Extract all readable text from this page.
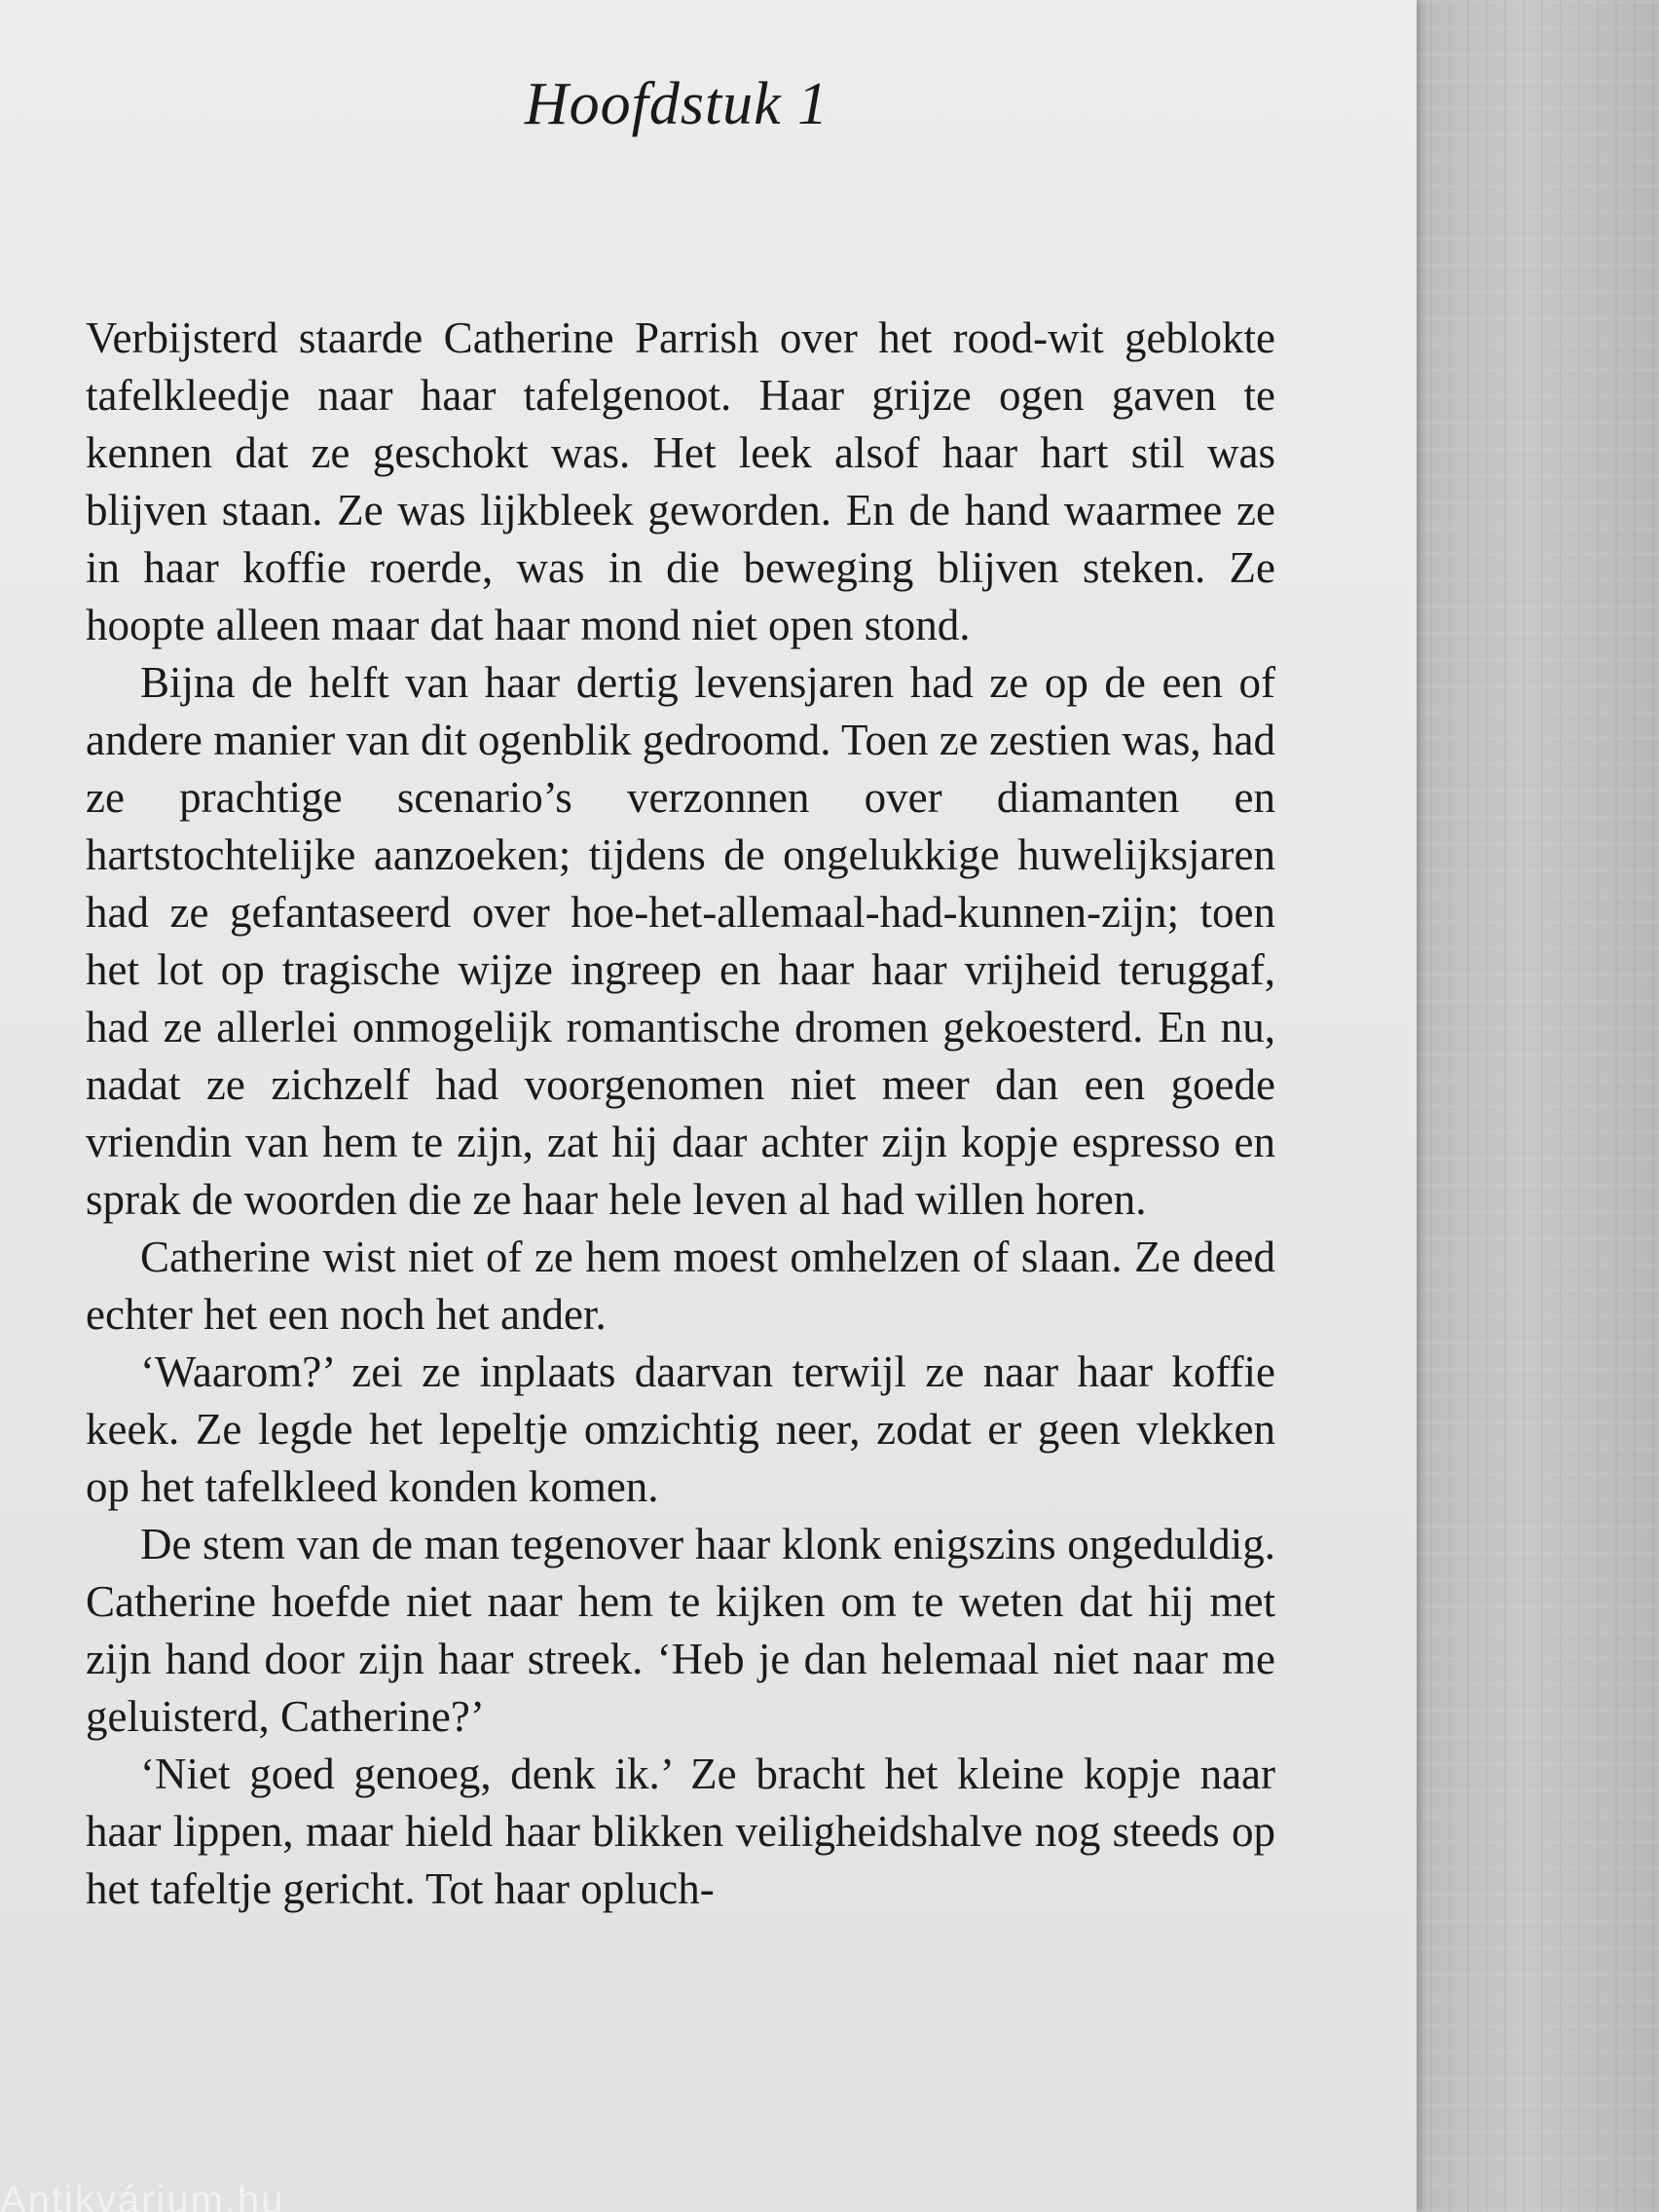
Hoofdstuk 1

Verbijsterd staarde Catherine Parrish over het rood-wit geblokte tafelkleedje naar haar tafelgenoot. Haar grijze ogen gaven te kennen dat ze geschokt was. Het leek alsof haar hart stil was blijven staan. Ze was lijkbleek geworden. En de hand waarmee ze in haar koffie roerde, was in die beweging blijven steken. Ze hoopte alleen maar dat haar mond niet open stond.

Bijna de helft van haar dertig levensjaren had ze op de een of andere manier van dit ogenblik gedroomd. Toen ze zestien was, had ze prachtige scenario’s verzonnen over diamanten en hartstochtelijke aanzoeken; tijdens de ongelukkige huwelijksjaren had ze gefantaseerd over hoe-het-allemaal-had-kunnen-zijn; toen het lot op tragische wijze ingreep en haar haar vrijheid teruggaf, had ze allerlei onmogelijk romantische dromen gekoesterd. En nu, nadat ze zichzelf had voorgenomen niet meer dan een goede vriendin van hem te zijn, zat hij daar achter zijn kopje espresso en sprak de woorden die ze haar hele leven al had willen horen.

Catherine wist niet of ze hem moest omhelzen of slaan. Ze deed echter het een noch het ander.

‘Waarom?’ zei ze inplaats daarvan terwijl ze naar haar koffie keek. Ze legde het lepeltje omzichtig neer, zodat er geen vlekken op het tafelkleed konden komen.

De stem van de man tegenover haar klonk enigszins ongeduldig. Catherine hoefde niet naar hem te kijken om te weten dat hij met zijn hand door zijn haar streek. ‘Heb je dan helemaal niet naar me geluisterd, Catherine?’

‘Niet goed genoeg, denk ik.’ Ze bracht het kleine kopje naar haar lippen, maar hield haar blikken veiligheidshalve nog steeds op het tafeltje gericht. Tot haar opluch-

Antikvárium.hu
